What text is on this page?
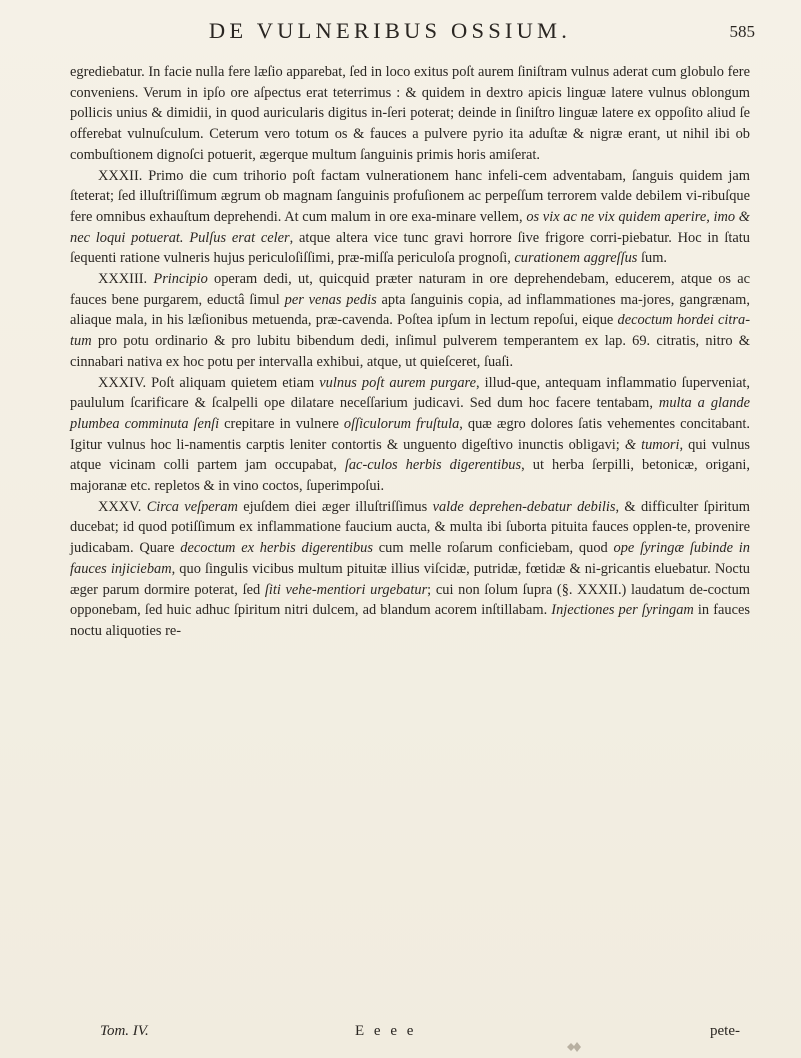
DE VULNERIBUS OSSIUM.	585

egrediebatur. In facie nulla fere læſio apparebat, ſed in loco exitus poſt aurem ſiniſtram vulnus aderat cum globulo fere conveniens. Verum in ipſo ore aſpectus erat teterrimus : & quidem in dextro apicis linguæ latere vulnus oblongum pollicis unius & dimidii, in quod auricularis digitus in-ſeri poterat; deinde in ſiniſtro linguæ latere ex oppoſito aliud ſe offerebat vulnuſculum. Ceterum vero totum os & fauces a pulvere pyrio ita aduſtæ & nigræ erant, ut nihil ibi ob combuſtionem dignoſci potuerit, ægerque multum ſanguinis primis horis amiſerat.

XXXII. Primo die cum trihorio poſt factam vulnerationem hanc infeli-cem adventabam, ſanguis quidem jam ſteterat; ſed illuſtriſſimum ægrum ob magnam ſanguinis profuſionem ac perpeſſum terrorem valde debilem vi-ribuſque fere omnibus exhauſtum deprehendi. At cum malum in ore exa-minare vellem, os vix ac ne vix quidem aperire, imo & nec loqui potuerat. Pulſus erat celer, atque altera vice tunc gravi horrore ſive frigore corri-piebatur. Hoc in ſtatu ſequenti ratione vulneris hujus periculoſiſſimi, præ-miſſa periculoſa prognoſi, curationem aggreſſus ſum.

XXXIII. Principio operam dedi, ut, quicquid præter naturam in ore deprehendebam, educerem, atque os ac fauces bene purgarem, eductâ ſimul per venas pedis apta ſanguinis copia, ad inflammationes ma-jores, gangrænam, aliaque mala, in his læſionibus metuenda, præ-cavenda. Poſtea ipſum in lectum repoſui, eique decoctum hordei citra-tum pro potu ordinario & pro lubitu bibendum dedi, inſimul pulverem temperantem ex lap. 69. citratis, nitro & cinnabari nativa ex hoc potu per intervalla exhibui, atque, ut quieſceret, ſuaſi.

XXXIV. Poſt aliquam quietem etiam vulnus poſt aurem purgare, illud-que, antequam inflammatio ſuperveniat, paululum ſcarificare & ſcalpelli ope dilatare neceſſarium judicavi. Sed dum hoc facere tentabam, multa a glande plumbea comminuta ſenſi crepitare in vulnere oſſiculorum fruſtula, quæ ægro dolores ſatis vehementes concitabant. Igitur vulnus hoc li-namentis carptis leniter contortis & unguento digeſtivo inunctis obligavi; & tumori, qui vulnus atque vicinam colli partem jam occupabat, ſac-culos herbis digerentibus, ut herba ſerpilli, betonicæ, origani, majoranæ etc. repletos & in vino coctos, ſuperimpoſui.

XXXV. Circa veſperam ejuſdem diei æger illuſtriſſimus valde deprehen-debatur debilis, & difficulter ſpiritum ducebat; id quod potiſſimum ex inflammatione faucium aucta, & multa ibi ſuborta pituita fauces opplen-te, provenire judicabam. Quare decoctum ex herbis digerentibus cum melle roſarum conficiebam, quod ope ſyringæ ſubinde in fauces injiciebam, quo ſingulis vicibus multum pituitæ illius viſcidæ, putridæ, fœtidæ & ni-gricantis eluebatur. Noctu æger parum dormire poterat, ſed ſiti vehe-mentiori urgebatur; cui non ſolum ſupra (§. XXXII.) laudatum de-coctum opponebam, ſed huic adhuc ſpiritum nitri dulcem, ad blandum acorem inſtillabam. Injectiones per ſyringam in fauces noctu aliquoties re-

Tom. IV.	E e e e	pete-
